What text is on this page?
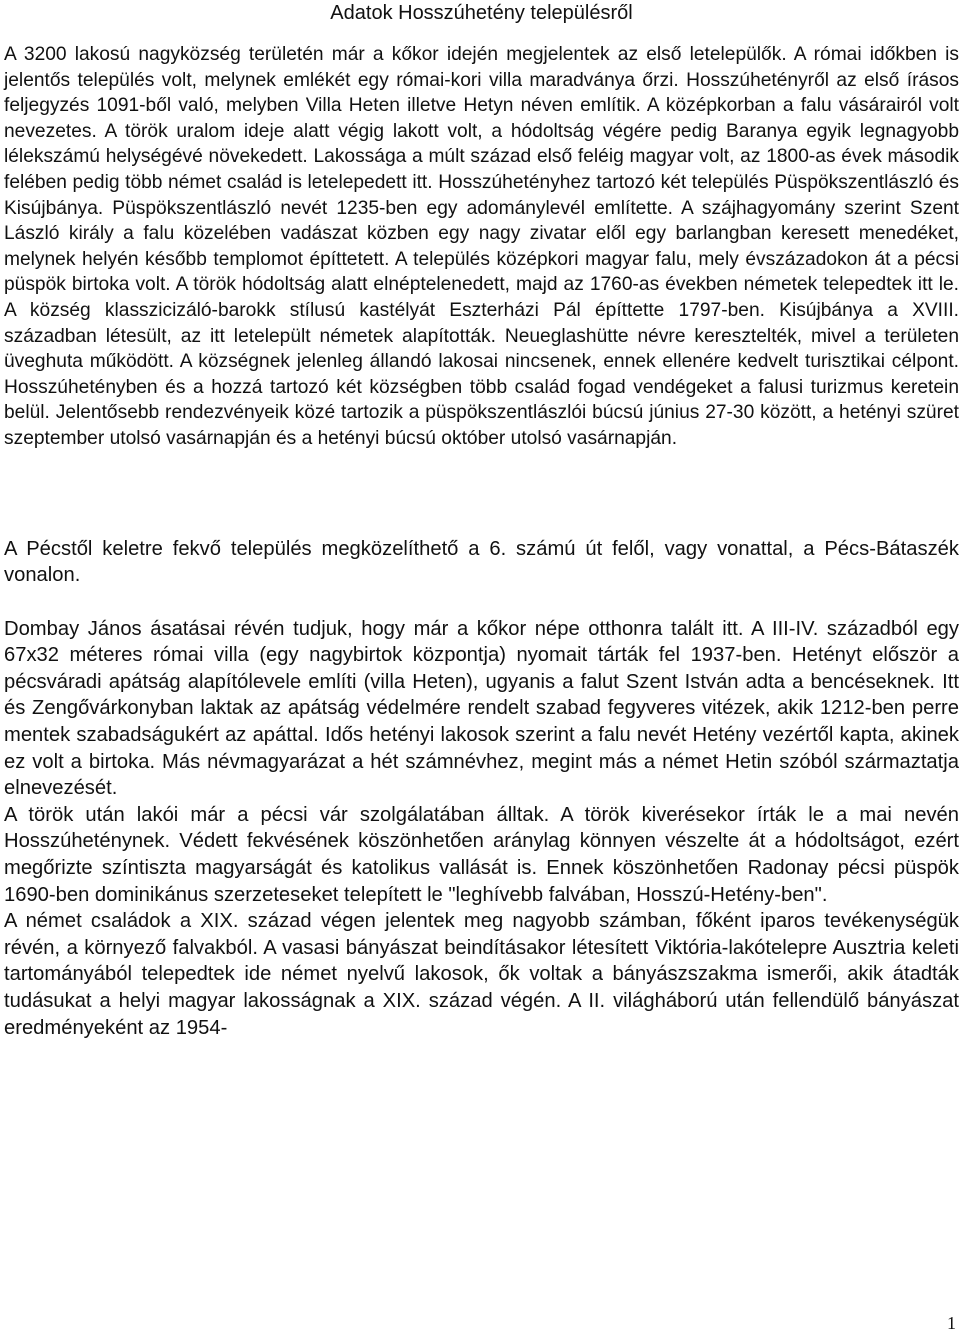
Adatok Hosszúhetény településről

A 3200 lakosú nagyközség területén már a kőkor idején megjelentek az első letelepülők. A római időkben is jelentős település volt, melynek emlékét egy római-kori villa maradványa őrzi. Hosszúhetényről az első írásos feljegyzés 1091-ből való, melyben Villa Heten illetve Hetyn néven említik. A középkorban a falu vásárairól volt nevezetes. A török uralom ideje alatt végig lakott volt, a hódoltság végére pedig Baranya egyik legnagyobb lélekszámú helységévé növekedett. Lakossága a múlt század első feléig magyar volt, az 1800-as évek második felében pedig több német család is letelepedett itt. Hosszúhetényhez tartozó két település Püspökszentlászló és Kisújbánya. Püspökszentlászló nevét 1235-ben egy adománylevél említette. A szájhagyomány szerint Szent László király a falu közelében vadászat közben egy nagy zivatar elől egy barlangban keresett menedéket, melynek helyén később templomot építtetett. A település középkori magyar falu, mely évszázadokon át a pécsi püspök birtoka volt. A török hódoltság alatt elnéptelenedett, majd az 1760-as években németek telepedtek itt le. A község klasszicizáló-barokk stílusú kastélyát Eszterházi Pál építtette 1797-ben. Kisújbánya a XVIII. században létesült, az itt letelepült németek alapították. Neueglashütte névre keresztelték, mivel a területen üveghuta működött. A községnek jelenleg állandó lakosai nincsenek, ennek ellenére kedvelt turisztikai célpont. Hosszúhetényben és a hozzá tartozó két községben több család fogad vendégeket a falusi turizmus keretein belül. Jelentősebb rendezvényeik közé tartozik a püspökszentlászlói búcsú június 27-30 között, a hetényi szüret szeptember utolsó vasárnapján és a hetényi búcsú október utolsó vasárnapján.

A Pécstől keletre fekvő település megközelíthető a 6. számú út felől, vagy vonattal, a Pécs-Bátaszék vonalon.

Dombay János ásatásai révén tudjuk, hogy már a kőkor népe otthonra talált itt. A III-IV. századból egy 67x32 méteres római villa (egy nagybirtok központja) nyomait tárták fel 1937-ben. Hetényt először a pécsváradi apátság alapítólevele említi (villa Heten), ugyanis a falut Szent István adta a bencéseknek. Itt és Zengővárkonyban laktak az apátság védelmére rendelt szabad fegyveres vitézek, akik 1212-ben perre mentek szabadságukért az apáttal. Idős hetényi lakosok szerint a falu nevét Hetény vezértől kapta, akinek ez volt a birtoka. Más névmagyarázat a hét számnévhez, megint más a német Hetin szóból származtatja elnevezését.

A török után lakói már a pécsi vár szolgálatában álltak. A török kiverésekor írták le a mai nevén Hosszúheténynek. Védett fekvésének köszönhetően aránylag könnyen vészelte át a hódoltságot, ezért megőrizte színtiszta magyarságát és katolikus vallását is. Ennek köszönhetően Radonay pécsi püspök 1690-ben dominikánus szerzeteseket telepített le "leghívebb falvában, Hosszú-Hetény-ben".

A német családok a XIX. század végen jelentek meg nagyobb számban, főként iparos tevékenységük révén, a környező falvakból. A vasasi bányászat beindításakor létesített Viktória-lakótelepre Ausztria keleti tartományából telepedtek ide német nyelvű lakosok, ők voltak a bányászszakma ismerői, akik átadták tudásukat a helyi magyar lakosságnak a XIX. század végén. A II. világháború után fellendülő bányászat eredményeként az 1954-

1
